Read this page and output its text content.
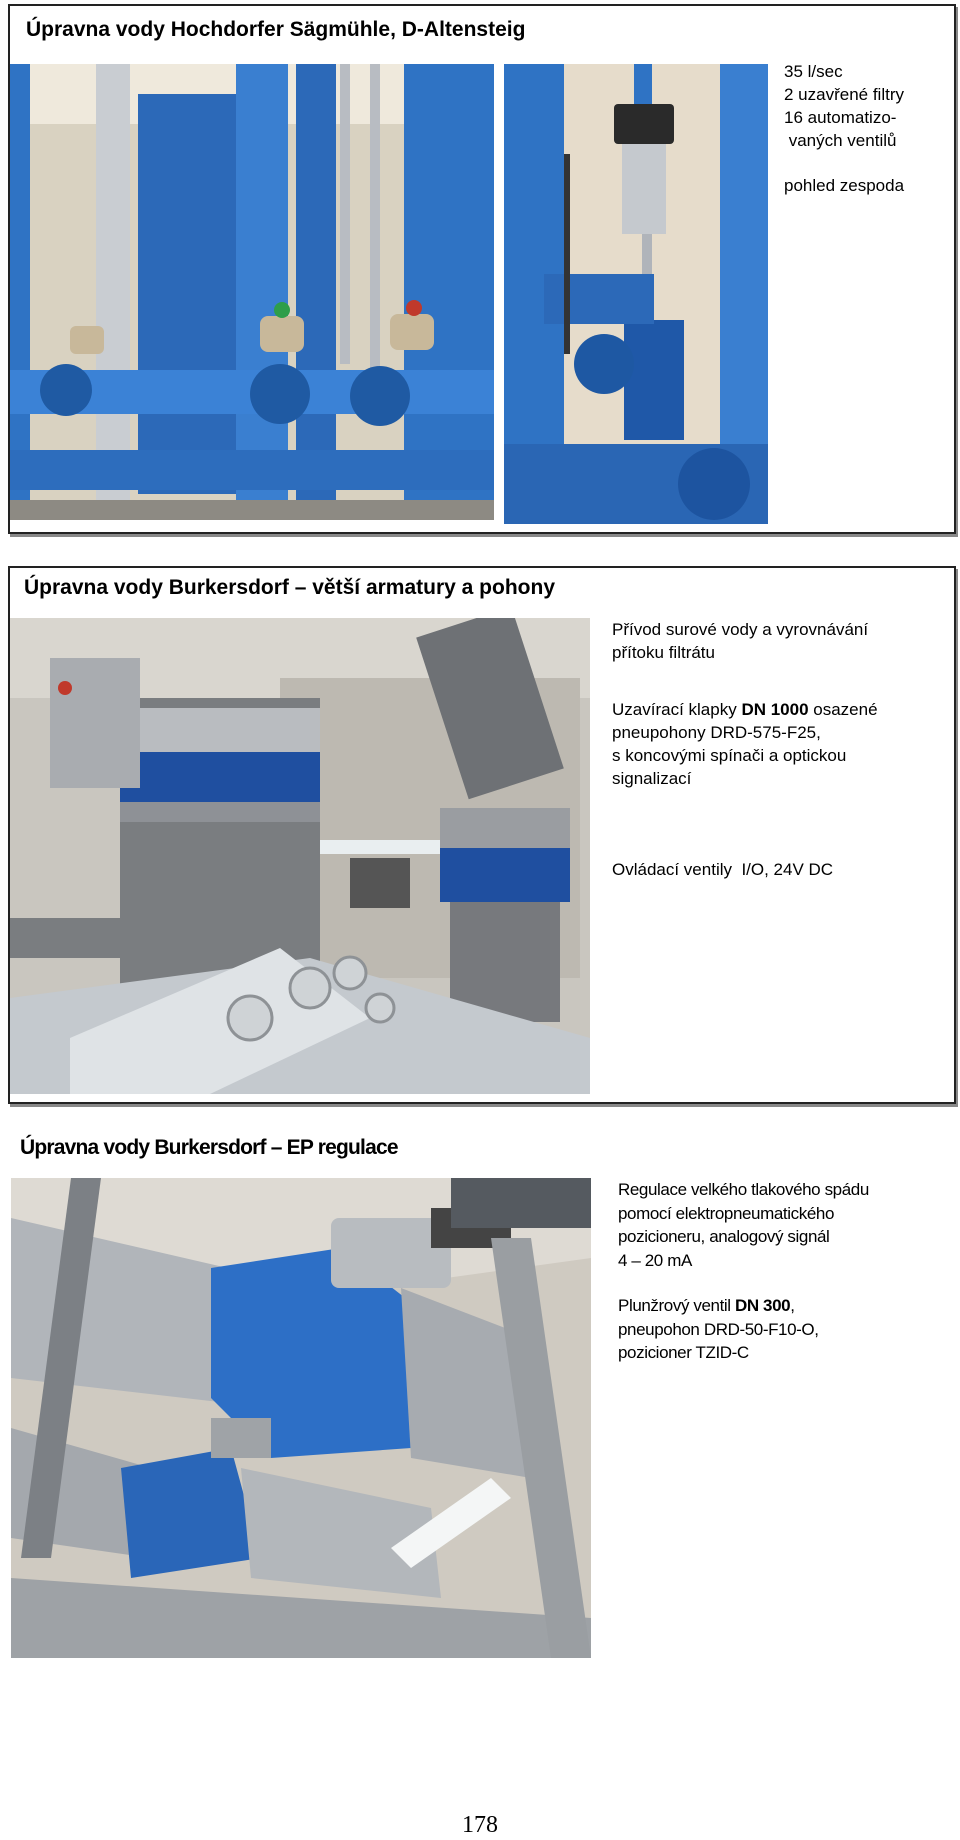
Úpravna vody Hochdorfer Sägmühle, D-Altensteig
35 l/sec
2 uzavřené filtry
16 automatizo-
vaných ventilů
pohled zespoda
Úpravna vody Burkersdorf – větší armatury a pohony

Přívod surové vody a vyrovnávání
přítoku filtrátu

Uzavírací klapky DN 1000 osazené
pneupohony DRD-575-F25,
s koncovými spínači a optickou
signalizací

Ovládací ventily  I/O, 24V DC

Úpravna vody Burkersdorf – EP regulace

Regulace velkého tlakového spádu
pomocí elektropneumatického
pozicioneru, analogový signál
4 – 20 mA

Plunžrový ventil DN 300,
pneupohon DRD-50-F10-O,
pozicioner TZID-C

178
